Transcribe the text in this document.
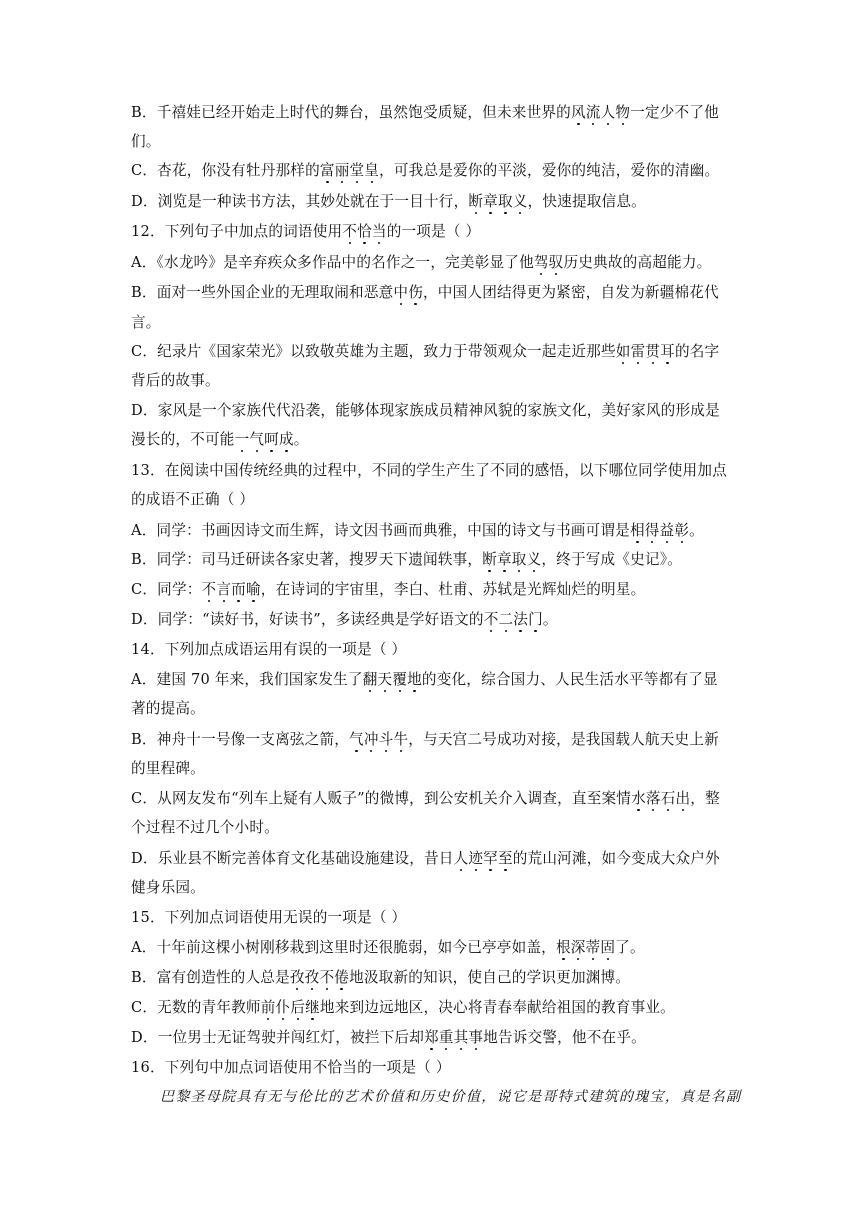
B．千禧娃已经开始走上时代的舞台，虽然饱受质疑，但未来世界的风流人物一定少不了他
们。
C．杏花，你没有牡丹那样的富丽堂皇，可我总是爱你的平淡，爱你的纯洁，爱你的清幽。
D．浏览是一种读书方法，其妙处就在于一目十行，断章取义，快速提取信息。
12．下列句子中加点的词语使用不恰当的一项是（ ）
A．《水龙吟》是辛弃疾众多作品中的名作之一，完美彰显了他驾驭历史典故的高超能力。
B．面对一些外国企业的无理取闹和恶意中伤，中国人团结得更为紧密，自发为新疆棉花代
言。
C．纪录片《国家荣光》以致敬英雄为主题，致力于带领观众一起走近那些如雷贯耳的名字
背后的故事。
D．家风是一个家族代代沿袭，能够体现家族成员精神风貌的家族文化，美好家风的形成是
漫长的，不可能一气呵成。
13．在阅读中国传统经典的过程中，不同的学生产生了不同的感悟，以下哪位同学使用加点
的成语不正确（ ）
A．同学：书画因诗文而生辉，诗文因书画而典雅，中国的诗文与书画可谓是相得益彰。
B．同学：司马迁研读各家史著，搜罗天下遗闻轶事，断章取义，终于写成《史记》。
C．同学：不言而喻，在诗词的宇宙里，李白、杜甫、苏轼是光辉灿烂的明星。
D．同学：“读好书，好读书”，多读经典是学好语文的不二法门。
14．下列加点成语运用有误的一项是（ ）
A．建国 70 年来，我们国家发生了翻天覆地的变化，综合国力、人民生活水平等都有了显
著的提高。
B．神舟十一号像一支离弦之箭，气冲斗牛，与天宫二号成功对接，是我国载人航天史上新
的里程碑。
C．从网友发布“列车上疑有人贩子”的微博，到公安机关介入调查，直至案情水落石出，整
个过程不过几个小时。
D．乐业县不断完善体育文化基础设施建设，昔日人迹罕至的荒山河滩，如今变成大众户外
健身乐园。
15．下列加点词语使用无误的一项是（ ）
A．十年前这棵小树刚移栽到这里时还很脆弱，如今已亭亭如盖，根深蒂固了。
B．富有创造性的人总是孜孜不倦地汲取新的知识，使自己的学识更加渊博。
C．无数的青年教师前仆后继地来到边远地区，决心将青春奉献给祖国的教育事业。
D．一位男士无证驾驶并闯红灯，被拦下后却郑重其事地告诉交警，他不在乎。
16．下列句中加点词语使用不恰当的一项是（ ）
巴黎圣母院具有无与伦比的艺术价值和历史价值，说它是哥特式建筑的瑰宝，真是名副
